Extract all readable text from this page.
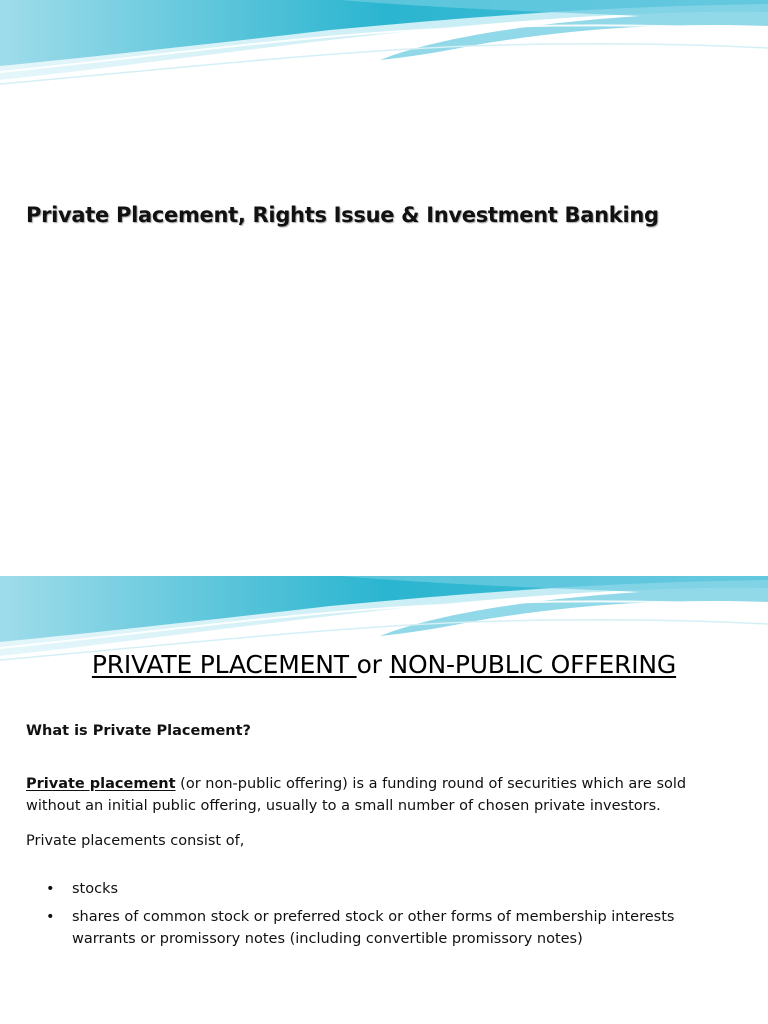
Private Placement, Rights Issue & Investment Banking
PRIVATE PLACEMENT or NON-PUBLIC OFFERING

What is Private Placement?

Private placement (or non-public offering) is a funding round of securities which are sold without an initial public offering, usually to a small number of chosen private investors.

Private placements consist of,

• stocks
• shares of common stock or preferred stock or other forms of membership interests warrants or promissory notes (including convertible promissory notes)
